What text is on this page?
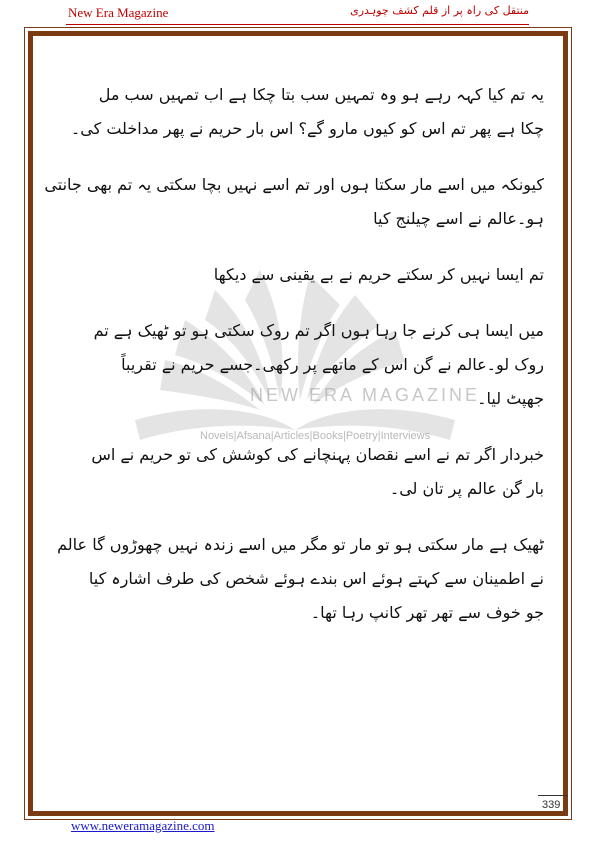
New Era Magazine	منتقل کی راہ پر از قلم کشف چوہدری
NEW ERA MAGAZINE
Novels|Afsana|Articles|Books|Poetry|Interviews
یہ تم کیا کہہ رہے ہو وہ تمہیں سب بتا چکا ہے اب تمہیں سب مل
چکا ہے پھر تم اس کو کیوں مارو گے؟ اس بار حریم نے پھر مداخلت کی۔
کیونکہ میں اسے مار سکتا ہوں اور تم اسے نہیں بچا سکتی یہ تم بھی جانتی
ہو۔عالم نے اسے چیلنج کیا
تم ایسا نہیں کر سکتے حریم نے بے یقینی سے دیکھا
میں ایسا ہی کرنے جا رہا ہوں اگر تم روک سکتی ہو تو ٹھیک ہے تم
روک لو۔عالم نے گن اس کے ماتھے پر رکھی۔جسے حریم نے تقریباً
جھپٹ لیا۔
خبردار اگر تم نے اسے نقصان پہنچانے کی کوشش کی تو حریم نے اس
بار گن عالم پر تان لی۔
ٹھیک ہے مار سکتی ہو تو مار تو مگر میں اسے زندہ نہیں چھوڑوں گا عالم
نے اطمینان سے کہتے ہوئے اس بندے ہوئے شخص کی طرف اشارہ کیا
جو خوف سے تھر تھر کانپ رہا تھا۔
339
www.neweramagazine.com
